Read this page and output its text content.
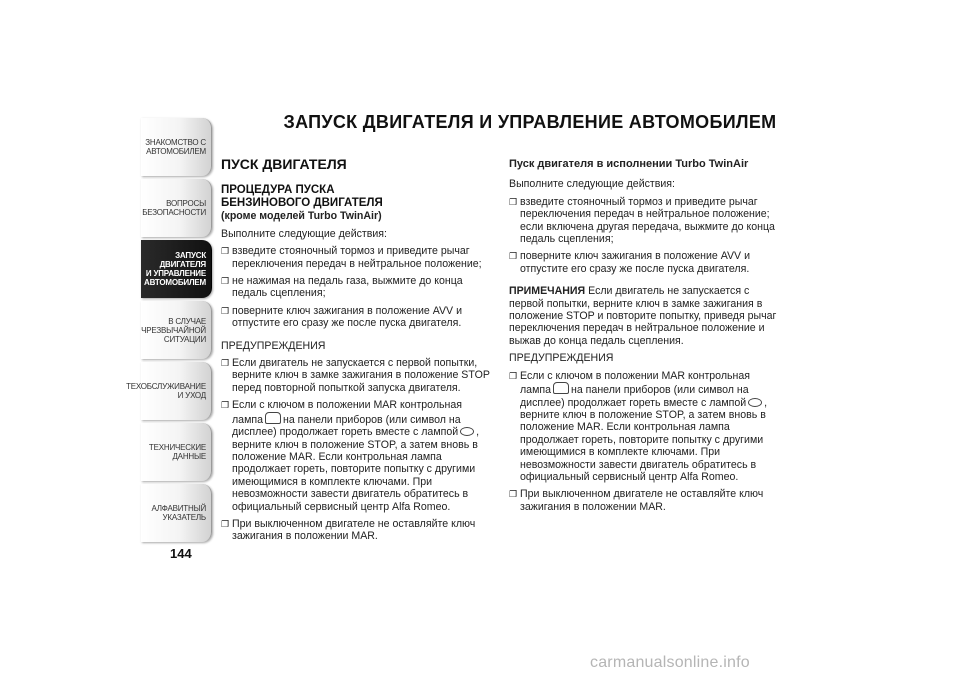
ЗНАКОМСТВО С
АВТОМОБИЛЕМ
ВОПРОСЫ
БЕЗОПАСНОСТИ
ЗАПУСК ДВИГАТЕЛЯ
И УПРАВЛЕНИЕ
АВТОМОБИЛЕМ
В СЛУЧАЕ
ЧРЕЗВЫЧАЙНОЙ
СИТУАЦИИ
ТЕХОБСЛУЖИВАНИЕ
И УХОД
ТЕХНИЧЕСКИЕ
ДАННЫЕ
АЛФАВИТНЫЙ
УКАЗАТЕЛЬ
144
ЗАПУСК ДВИГАТЕЛЯ И УПРАВЛЕНИЕ АВТОМОБИЛЕМ
ПУСК ДВИГАТЕЛЯ
ПРОЦЕДУРА ПУСКА БЕНЗИНОВОГО ДВИГАТЕЛЯ
(кроме моделей Turbo TwinAir)

Выполните следующие действия:

❐ взведите стояночный тормоз и приведите рычаг переключения передач в нейтральное положение;
❐ не нажимая на педаль газа, выжмите до конца педаль сцепления;
❐ поверните ключ зажигания в положение AVV и отпустите его сразу же после пуска двигателя.

ПРЕДУПРЕЖДЕНИЯ

❐ Если двигатель не запускается с первой попытки, верните ключ в замке зажигания в положение STOP перед повторной попыткой запуска двигателя.
❐ Если с ключом в положении MAR контрольная лампа на панели приборов (или символ на дисплее) продолжает гореть вместе с лампой , верните ключ в положение STOP, а затем вновь в положение MAR. Если контрольная лампа продолжает гореть, повторите попытку с другими имеющимися в комплекте ключами. При невозможности завести двигатель обратитесь в официальный сервисный центр Alfa Romeo.
❐ При выключенном двигателе не оставляйте ключ зажигания в положении MAR.
Пуск двигателя в исполнении Turbo TwinAir

Выполните следующие действия:

❐ взведите стояночный тормоз и приведите рычаг переключения передач в нейтральное положение; если включена другая передача, выжмите до конца педаль сцепления;
❐ поверните ключ зажигания в положение AVV и отпустите его сразу же после пуска двигателя.

ПРИМЕЧАНИЯ Если двигатель не запускается с первой попытки, верните ключ в замке зажигания в положение STOP и повторите попытку, приведя рычаг переключения передач в нейтральное положение и выжав до конца педаль сцепления.

ПРЕДУПРЕЖДЕНИЯ

❐ Если с ключом в положении MAR контрольная лампа на панели приборов (или символ на дисплее) продолжает гореть вместе с лампой , верните ключ в положение STOP, а затем вновь в положение MAR. Если контрольная лампа продолжает гореть, повторите попытку с другими имеющимися в комплекте ключами. При невозможности завести двигатель обратитесь в официальный сервисный центр Alfa Romeo.
❐ При выключенном двигателе не оставляйте ключ зажигания в положении MAR.
carmanualsonline.info
